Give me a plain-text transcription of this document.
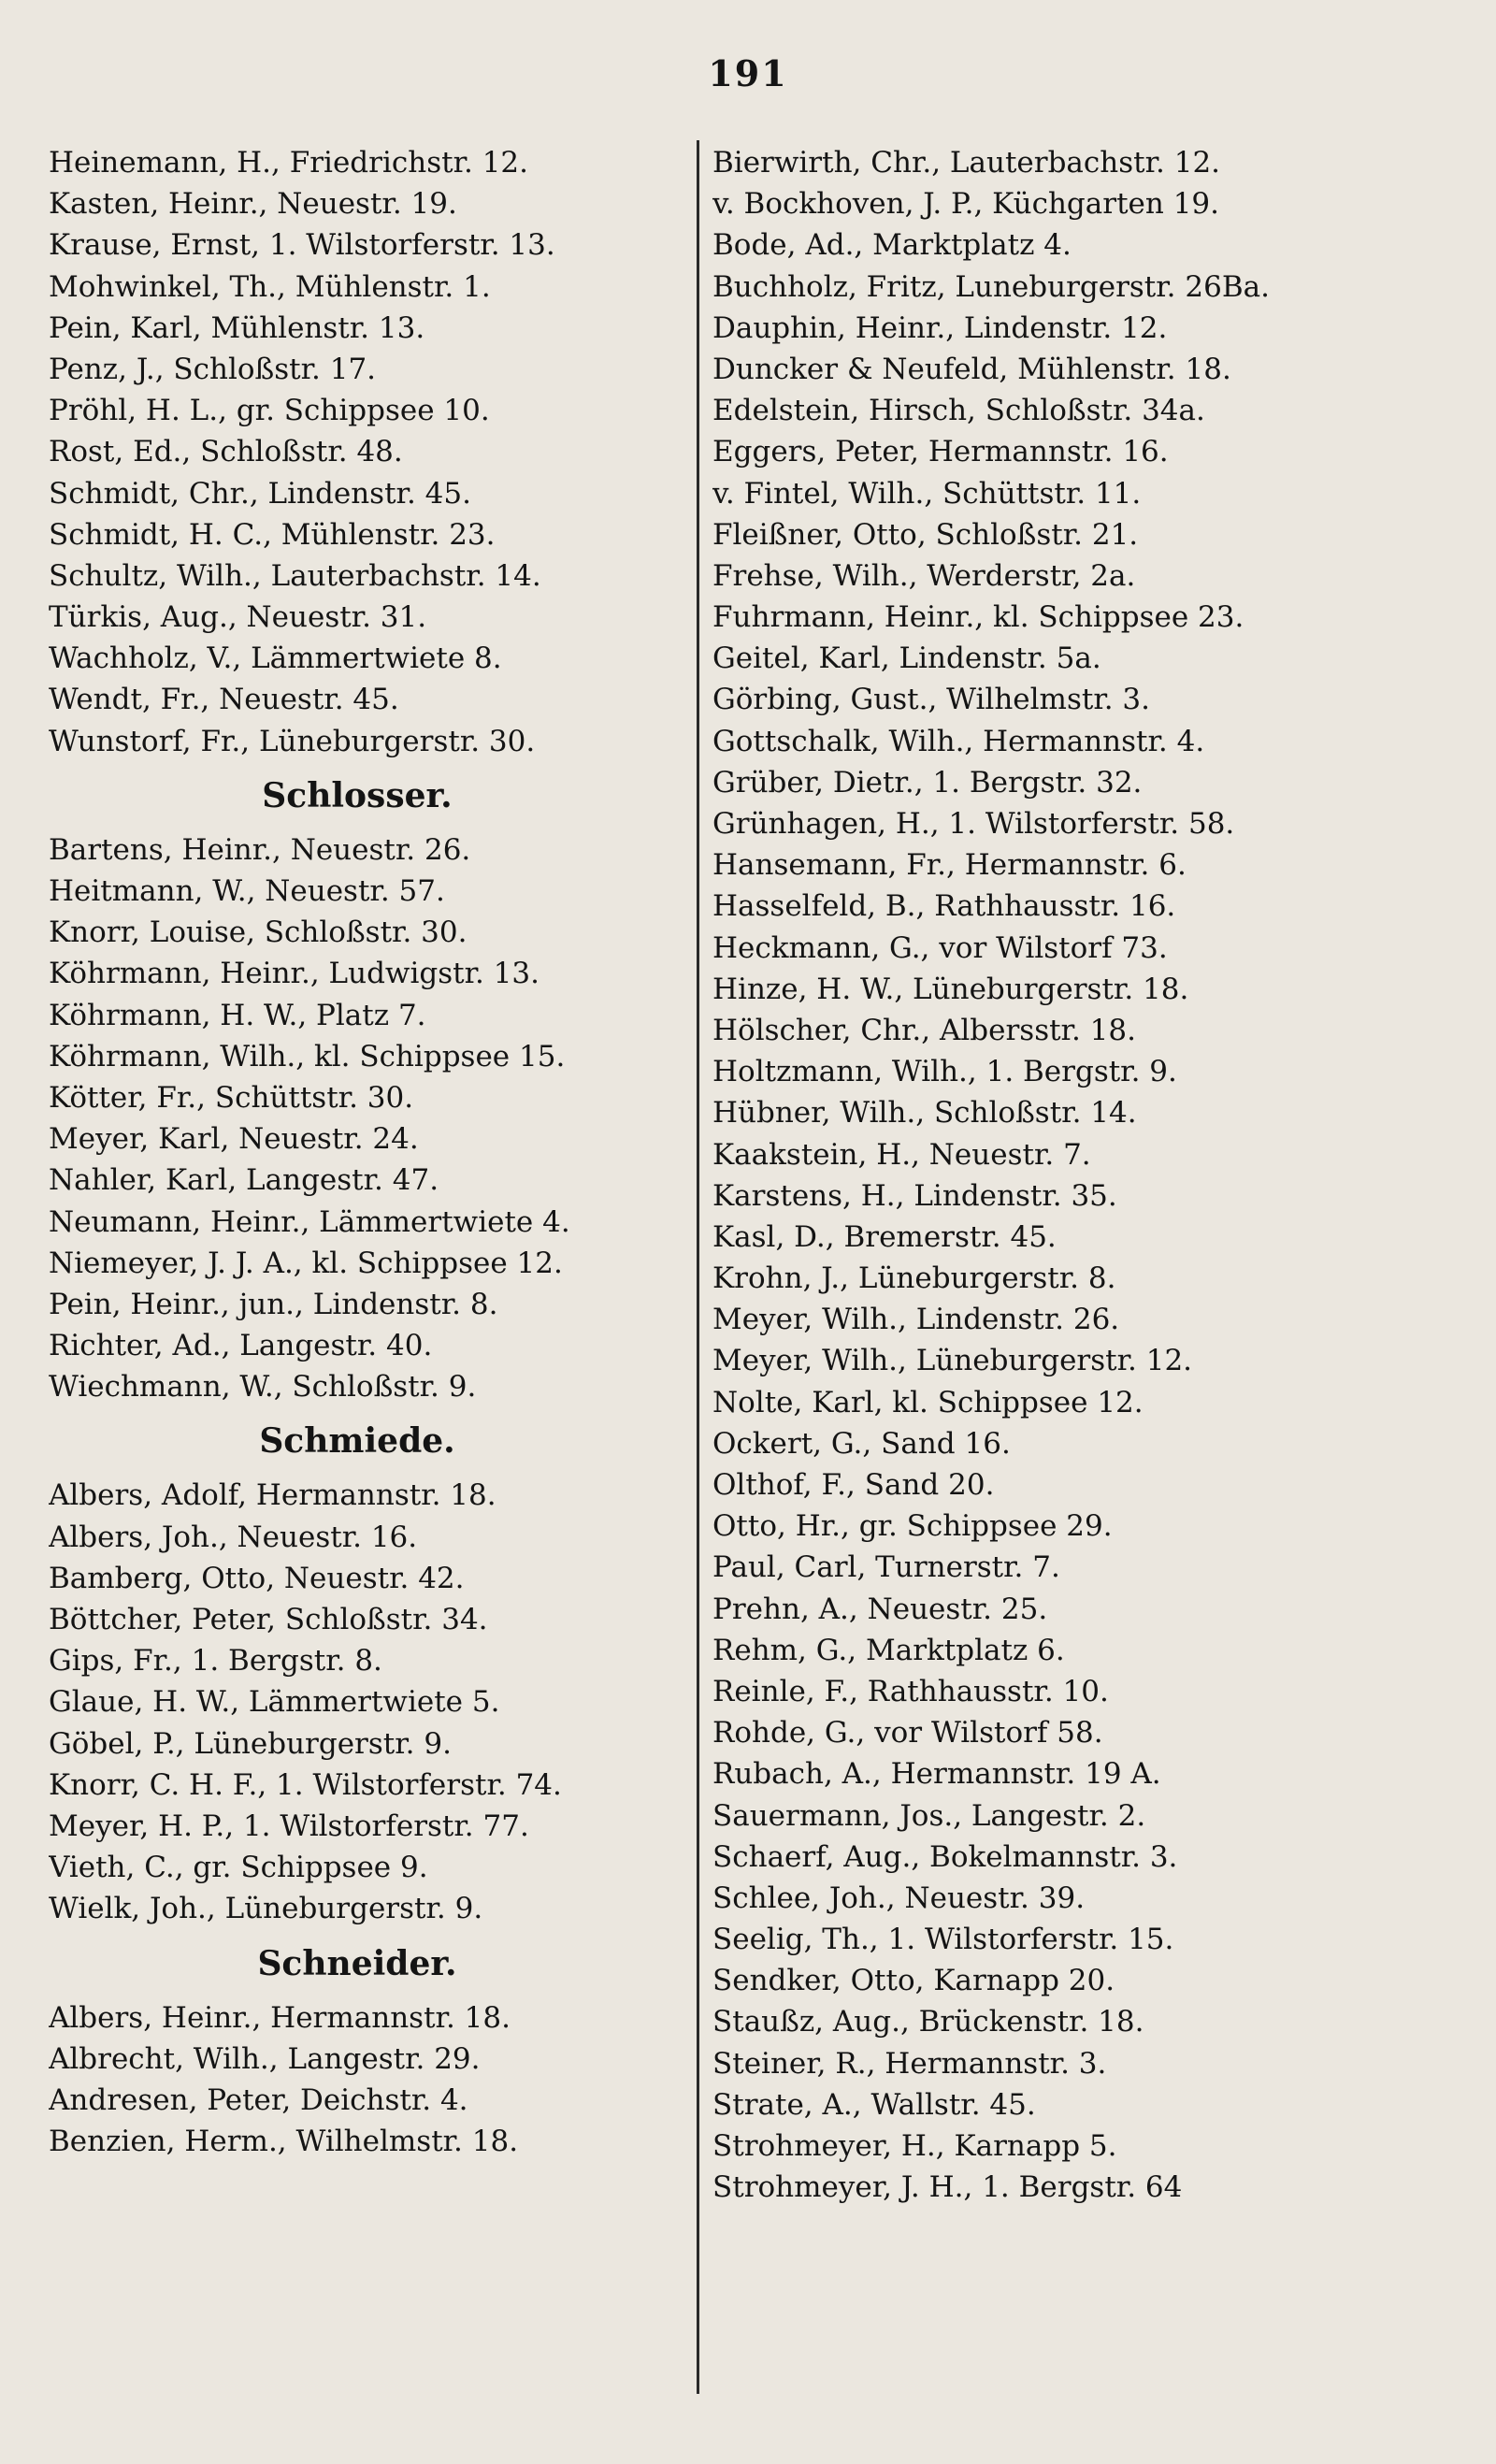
191
Heinemann, H., Friedrichstr. 12.
Kasten, Heinr., Neuestr. 19.
Krause, Ernst, 1. Wilstorferstr. 13.
Mohwinkel, Th., Mühlenstr. 1.
Pein, Karl, Mühlenstr. 13.
Penz, J., Schloßstr. 17.
Pröhl, H. L., gr. Schippsee 10.
Rost, Ed., Schloßstr. 48.
Schmidt, Chr., Lindenstr. 45.
Schmidt, H. C., Mühlenstr. 23.
Schultz, Wilh., Lauterbachstr. 14.
Türkis, Aug., Neuestr. 31.
Wachholz, V., Lämmertwiete 8.
Wendt, Fr., Neuestr. 45.
Wunstorf, Fr., Lüneburgerstr. 30.
Schlosser.
Bartens, Heinr., Neuestr. 26.
Heitmann, W., Neuestr. 57.
Knorr, Louise, Schloßstr. 30.
Köhrmann, Heinr., Ludwigstr. 13.
Köhrmann, H. W., Platz 7.
Köhrmann, Wilh., kl. Schippsee 15.
Kötter, Fr., Schüttstr. 30.
Meyer, Karl, Neuestr. 24.
Nahler, Karl, Langestr. 47.
Neumann, Heinr., Lämmertwiete 4.
Niemeyer, J. J. A., kl. Schippsee 12.
Pein, Heinr., jun., Lindenstr. 8.
Richter, Ad., Langestr. 40.
Wiechmann, W., Schloßstr. 9.
Schmiede.
Albers, Adolf, Hermannstr. 18.
Albers, Joh., Neuestr. 16.
Bamberg, Otto, Neuestr. 42.
Böttcher, Peter, Schloßstr. 34.
Gips, Fr., 1. Bergstr. 8.
Glaue, H. W., Lämmertwiete 5.
Göbel, P., Lüneburgerstr. 9.
Knorr, C. H. F., 1. Wilstorferstr. 74.
Meyer, H. P., 1. Wilstorferstr. 77.
Vieth, C., gr. Schippsee 9.
Wielk, Joh., Lüneburgerstr. 9.
Schneider.
Albers, Heinr., Hermannstr. 18.
Albrecht, Wilh., Langestr. 29.
Andresen, Peter, Deichstr. 4.
Benzien, Herm., Wilhelmstr. 18.
Bierwirth, Chr., Lauterbachstr. 12.
v. Bockhoven, J. P., Küchgarten 19.
Bode, Ad., Marktplatz 4.
Buchholz, Fritz, Luneburgerstr. 26Ba.
Dauphin, Heinr., Lindenstr. 12.
Duncker & Neufeld, Mühlenstr. 18.
Edelstein, Hirsch, Schloßstr. 34a.
Eggers, Peter, Hermannstr. 16.
v. Fintel, Wilh., Schüttstr. 11.
Fleißner, Otto, Schloßstr. 21.
Frehse, Wilh., Werderstr, 2a.
Fuhrmann, Heinr., kl. Schippsee 23.
Geitel, Karl, Lindenstr. 5a.
Görbing, Gust., Wilhelmstr. 3.
Gottschalk, Wilh., Hermannstr. 4.
Grüber, Dietr., 1. Bergstr. 32.
Grünhagen, H., 1. Wilstorferstr. 58.
Hansemann, Fr., Hermannstr. 6.
Hasselfeld, B., Rathhausstr. 16.
Heckmann, G., vor Wilstorf 73.
Hinze, H. W., Lüneburgerstr. 18.
Hölscher, Chr., Albersstr. 18.
Holtzmann, Wilh., 1. Bergstr. 9.
Hübner, Wilh., Schloßstr. 14.
Kaakstein, H., Neuestr. 7.
Karstens, H., Lindenstr. 35.
Kasl, D., Bremerstr. 45.
Krohn, J., Lüneburgerstr. 8.
Meyer, Wilh., Lindenstr. 26.
Meyer, Wilh., Lüneburgerstr. 12.
Nolte, Karl, kl. Schippsee 12.
Ockert, G., Sand 16.
Olthof, F., Sand 20.
Otto, Hr., gr. Schippsee 29.
Paul, Carl, Turnerstr. 7.
Prehn, A., Neuestr. 25.
Rehm, G., Marktplatz 6.
Reinle, F., Rathhausstr. 10.
Rohde, G., vor Wilstorf 58.
Rubach, A., Hermannstr. 19 A.
Sauermann, Jos., Langestr. 2.
Schaerf, Aug., Bokelmannstr. 3.
Schlee, Joh., Neuestr. 39.
Seelig, Th., 1. Wilstorferstr. 15.
Sendker, Otto, Karnapp 20.
Staußz, Aug., Brückenstr. 18.
Steiner, R., Hermannstr. 3.
Strate, A., Wallstr. 45.
Strohmeyer, H., Karnapp 5.
Strohmeyer, J. H., 1. Bergstr. 64
